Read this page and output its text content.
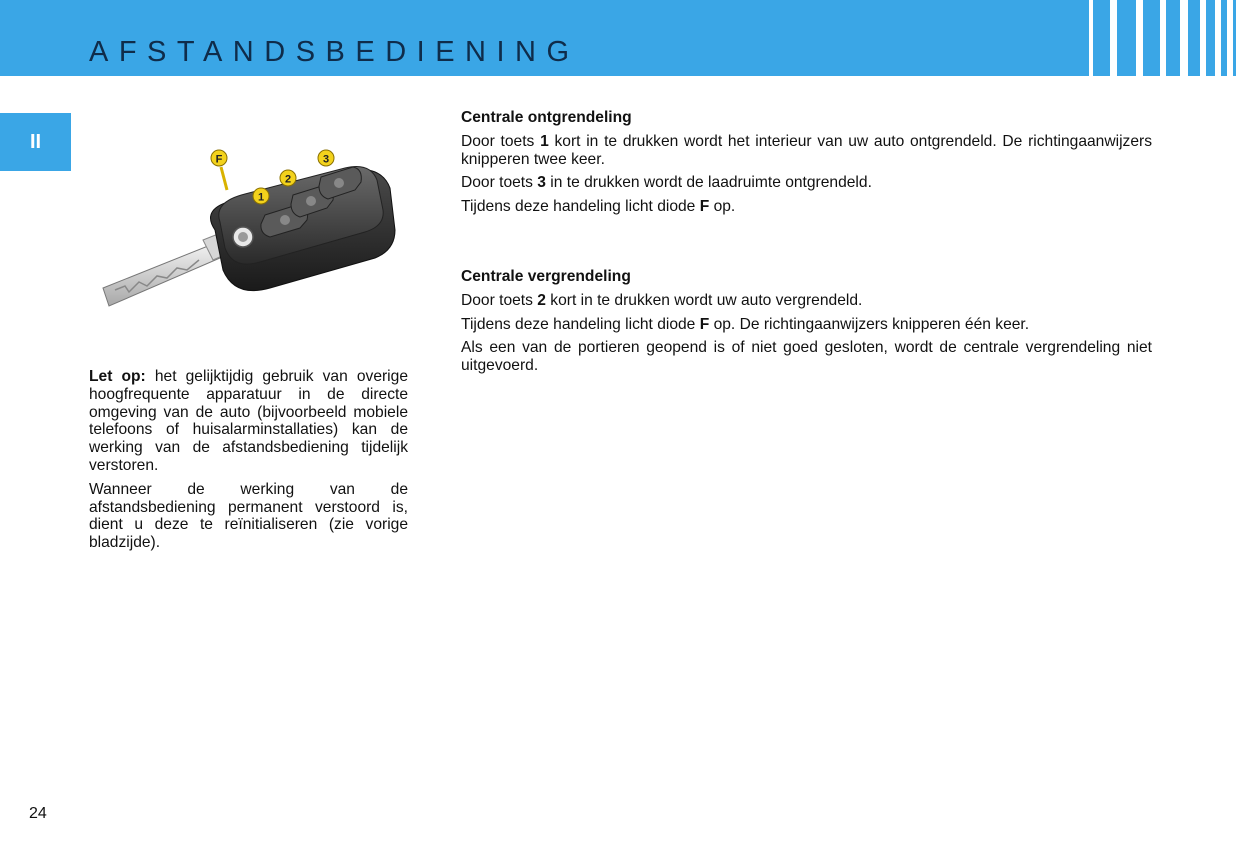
AFSTANDSBEDIENING
II
F
1
2
3

Let op: het gelijktijdig gebruik van overige hoogfrequente apparatuur in de directe omgeving van de auto (bijvoorbeeld mobiele telefoons of huisalarminstallaties) kan de werking van de afstandsbediening tijdelijk verstoren.

Wanneer de werking van de afstandsbediening permanent verstoord is, dient u deze te reïnitialiseren (zie vorige bladzijde).

Centrale ontgrendeling

Door toets 1 kort in te drukken wordt het interieur van uw auto ontgrendeld. De richtingaanwijzers knipperen twee keer.

Door toets 3 in te drukken wordt de laadruimte ontgrendeld.

Tijdens deze handeling licht diode F op.

Centrale vergrendeling

Door toets 2 kort in te drukken wordt uw auto vergrendeld.

Tijdens deze handeling licht diode F op. De richtingaanwijzers knipperen één keer.

Als een van de portieren geopend is of niet goed gesloten, wordt de centrale vergrendeling niet uitgevoerd.

24
